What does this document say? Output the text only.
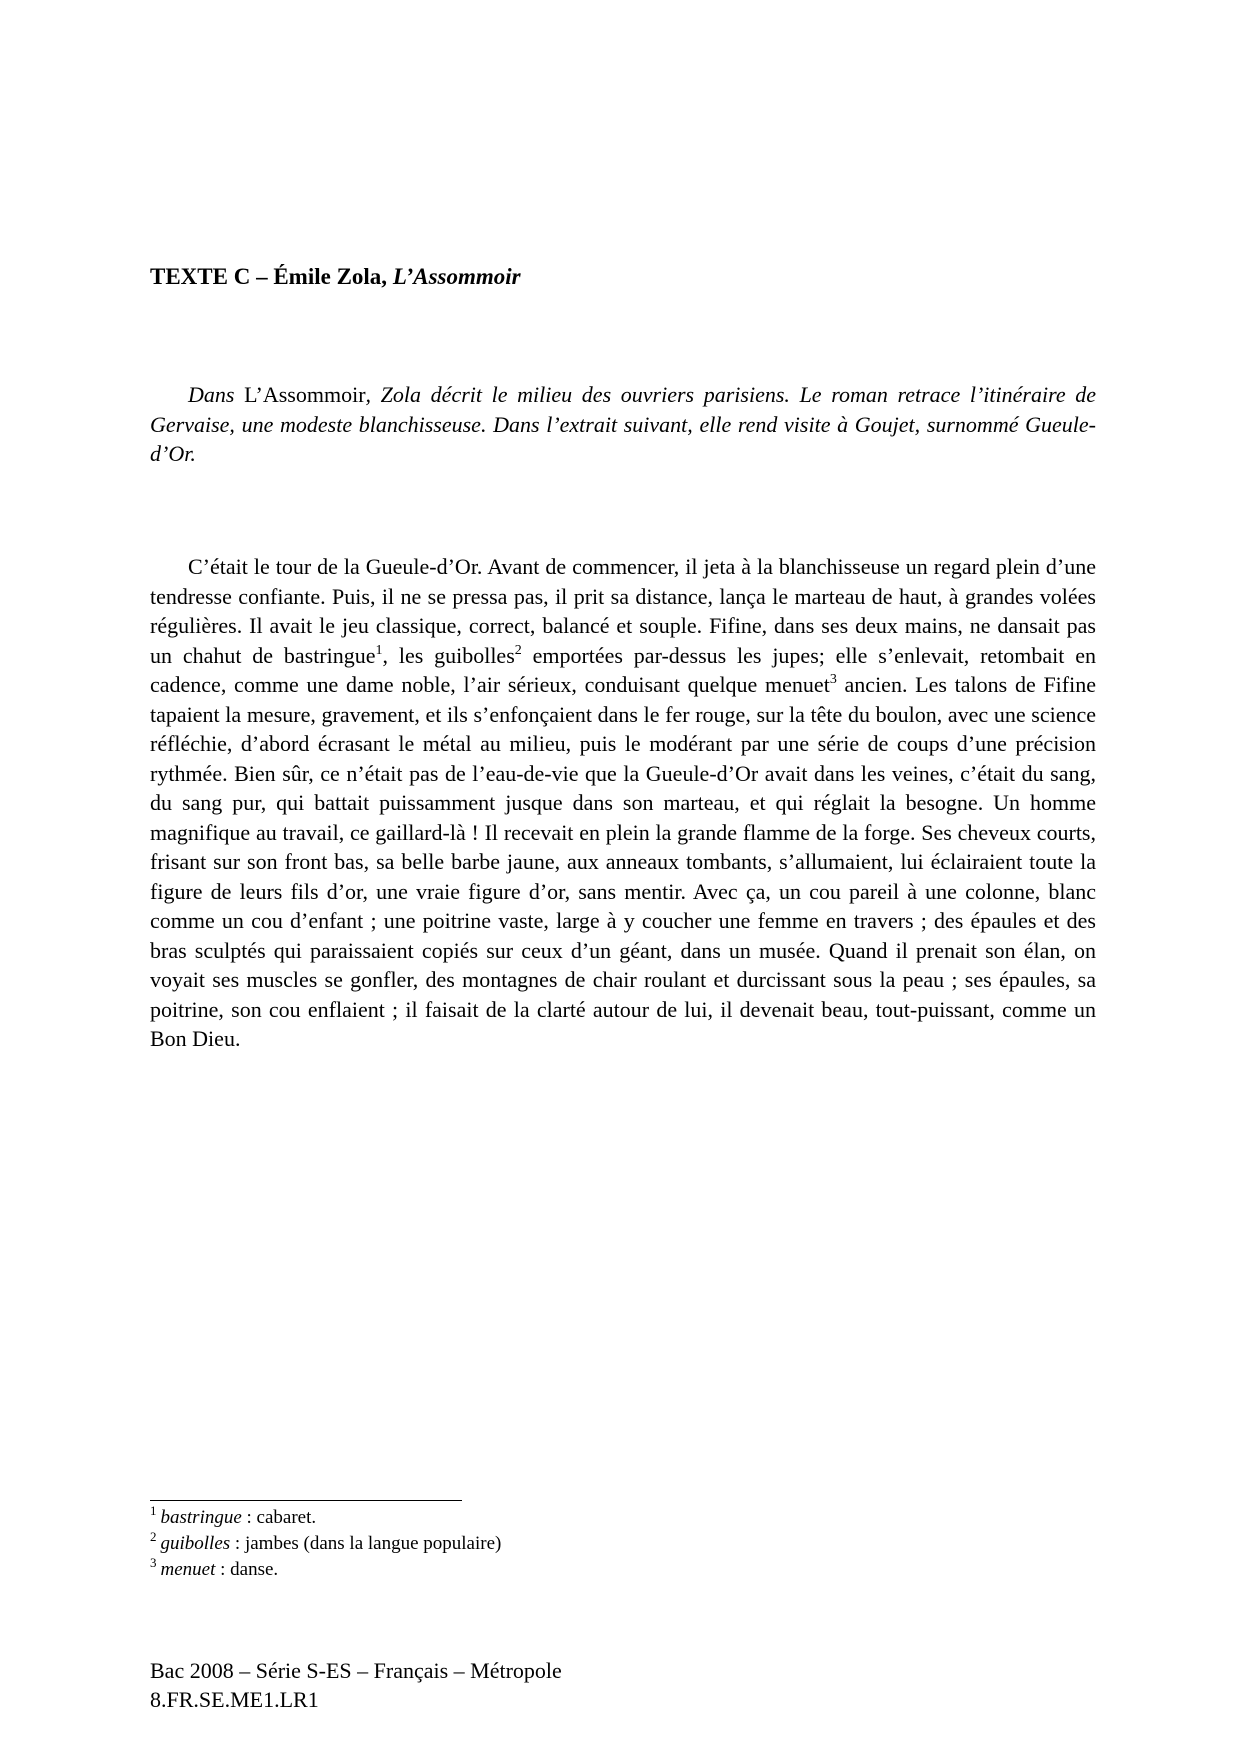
TEXTE C – Émile Zola, L’Assommoir

Dans L’Assommoir, Zola décrit le milieu des ouvriers parisiens. Le roman retrace l’itinéraire de Gervaise, une modeste blanchisseuse. Dans l’extrait suivant, elle rend visite à Goujet, surnommé Gueule-d’Or.

C’était le tour de la Gueule-d’Or. Avant de commencer, il jeta à la blanchisseuse un regard plein d’une tendresse confiante. Puis, il ne se pressa pas, il prit sa distance, lança le marteau de haut, à grandes volées régulières. Il avait le jeu classique, correct, balancé et souple. Fifine, dans ses deux mains, ne dansait pas un chahut de bastringue$^1$, les guibolles$^2$ emportées par-dessus les jupes; elle s’enlevait, retombait en cadence, comme une dame noble, l’air sérieux, conduisant quelque menuet$^3$ ancien. Les talons de Fifine tapaient la mesure, gravement, et ils s’enfonçaient dans le fer rouge, sur la tête du boulon, avec une science réfléchie, d’abord écrasant le métal au milieu, puis le modérant par une série de coups d’une précision rythmée. Bien sûr, ce n’était pas de l’eau-de-vie que la Gueule-d’Or avait dans les veines, c’était du sang, du sang pur, qui battait puissamment jusque dans son marteau, et qui réglait la besogne. Un homme magnifique au travail, ce gaillard-là ! Il recevait en plein la grande flamme de la forge. Ses cheveux courts, frisant sur son front bas, sa belle barbe jaune, aux anneaux tombants, s’allumaient, lui éclairaient toute la figure de leurs fils d’or, une vraie figure d’or, sans mentir. Avec ça, un cou pareil à une colonne, blanc comme un cou d’enfant ; une poitrine vaste, large à y coucher une femme en travers ; des épaules et des bras sculptés qui paraissaient copiés sur ceux d’un géant, dans un musée. Quand il prenait son élan, on voyait ses muscles se gonfler, des montagnes de chair roulant et durcissant sous la peau ; ses épaules, sa poitrine, son cou enflaient ; il faisait de la clarté autour de lui, il devenait beau, tout-puissant, comme un Bon Dieu.

$^1$ bastringue : cabaret.
$^2$ guibolles : jambes (dans la langue populaire)
$^3$ menuet : danse.
Bac 2008 – Série S-ES – Français – Métropole
8.FR.SE.ME1.LR1
